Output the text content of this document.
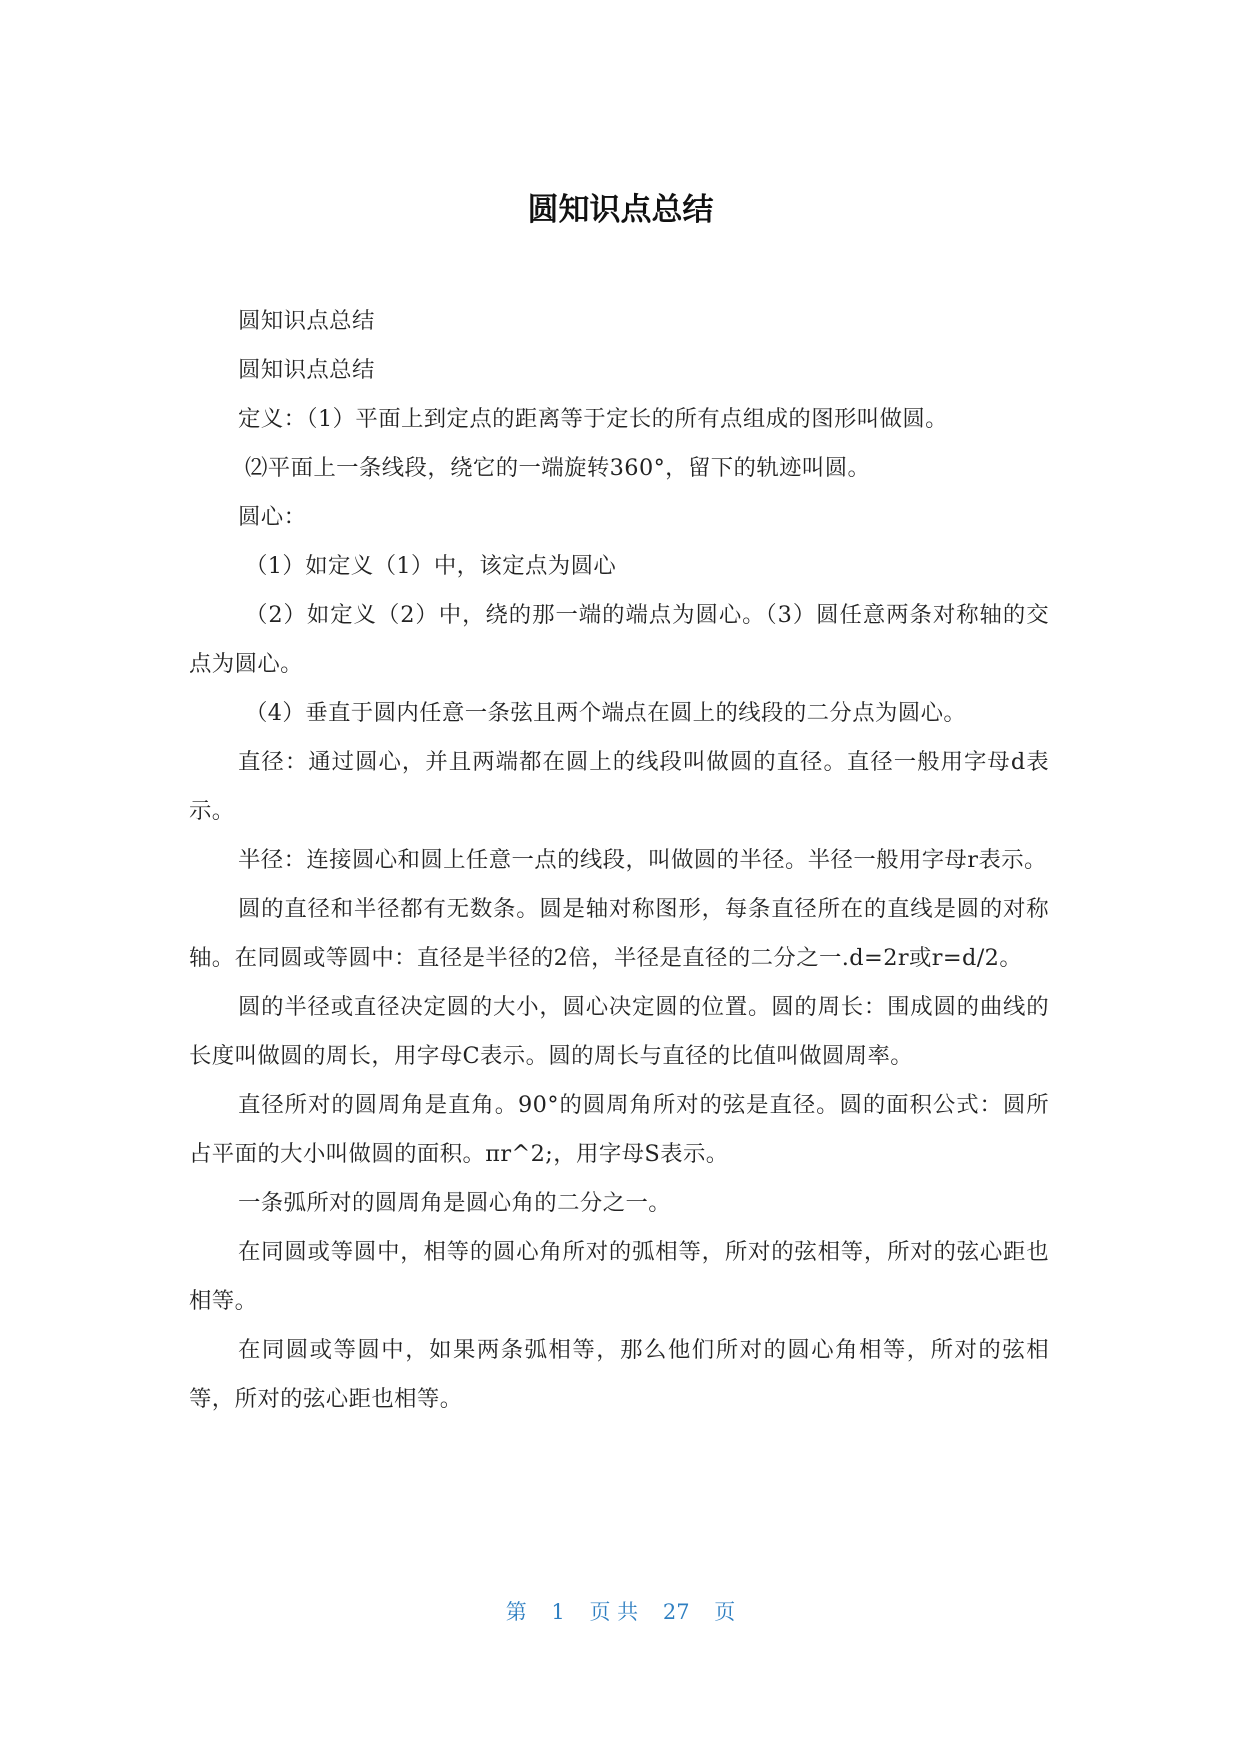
圆知识点总结

圆知识点总结

圆知识点总结

定义：（1）平面上到定点的距离等于定长的所有点组成的图形叫做圆。

⑵平面上一条线段，绕它的一端旋转360°，留下的轨迹叫圆。

圆心：

（1）如定义（1）中，该定点为圆心

（2）如定义（2）中，绕的那一端的端点为圆心。（3）圆任意两条对称轴的交点为圆心。

（4）垂直于圆内任意一条弦且两个端点在圆上的线段的二分点为圆心。

直径：通过圆心，并且两端都在圆上的线段叫做圆的直径。直径一般用字母d表示。

半径：连接圆心和圆上任意一点的线段，叫做圆的半径。半径一般用字母r表示。

圆的直径和半径都有无数条。圆是轴对称图形，每条直径所在的直线是圆的对称轴。在同圆或等圆中：直径是半径的2倍，半径是直径的二分之一.d=2r或r=d/2。

圆的半径或直径决定圆的大小，圆心决定圆的位置。圆的周长：围成圆的曲线的长度叫做圆的周长，用字母C表示。圆的周长与直径的比值叫做圆周率。

直径所对的圆周角是直角。90°的圆周角所对的弦是直径。圆的面积公式：圆所占平面的大小叫做圆的面积。πr^2;，用字母S表示。

一条弧所对的圆周角是圆心角的二分之一。

在同圆或等圆中，相等的圆心角所对的弧相等，所对的弦相等，所对的弦心距也相等。

在同圆或等圆中，如果两条弧相等，那么他们所对的圆心角相等，所对的弦相等，所对的弦心距也相等。

第 1 页 共 27 页
